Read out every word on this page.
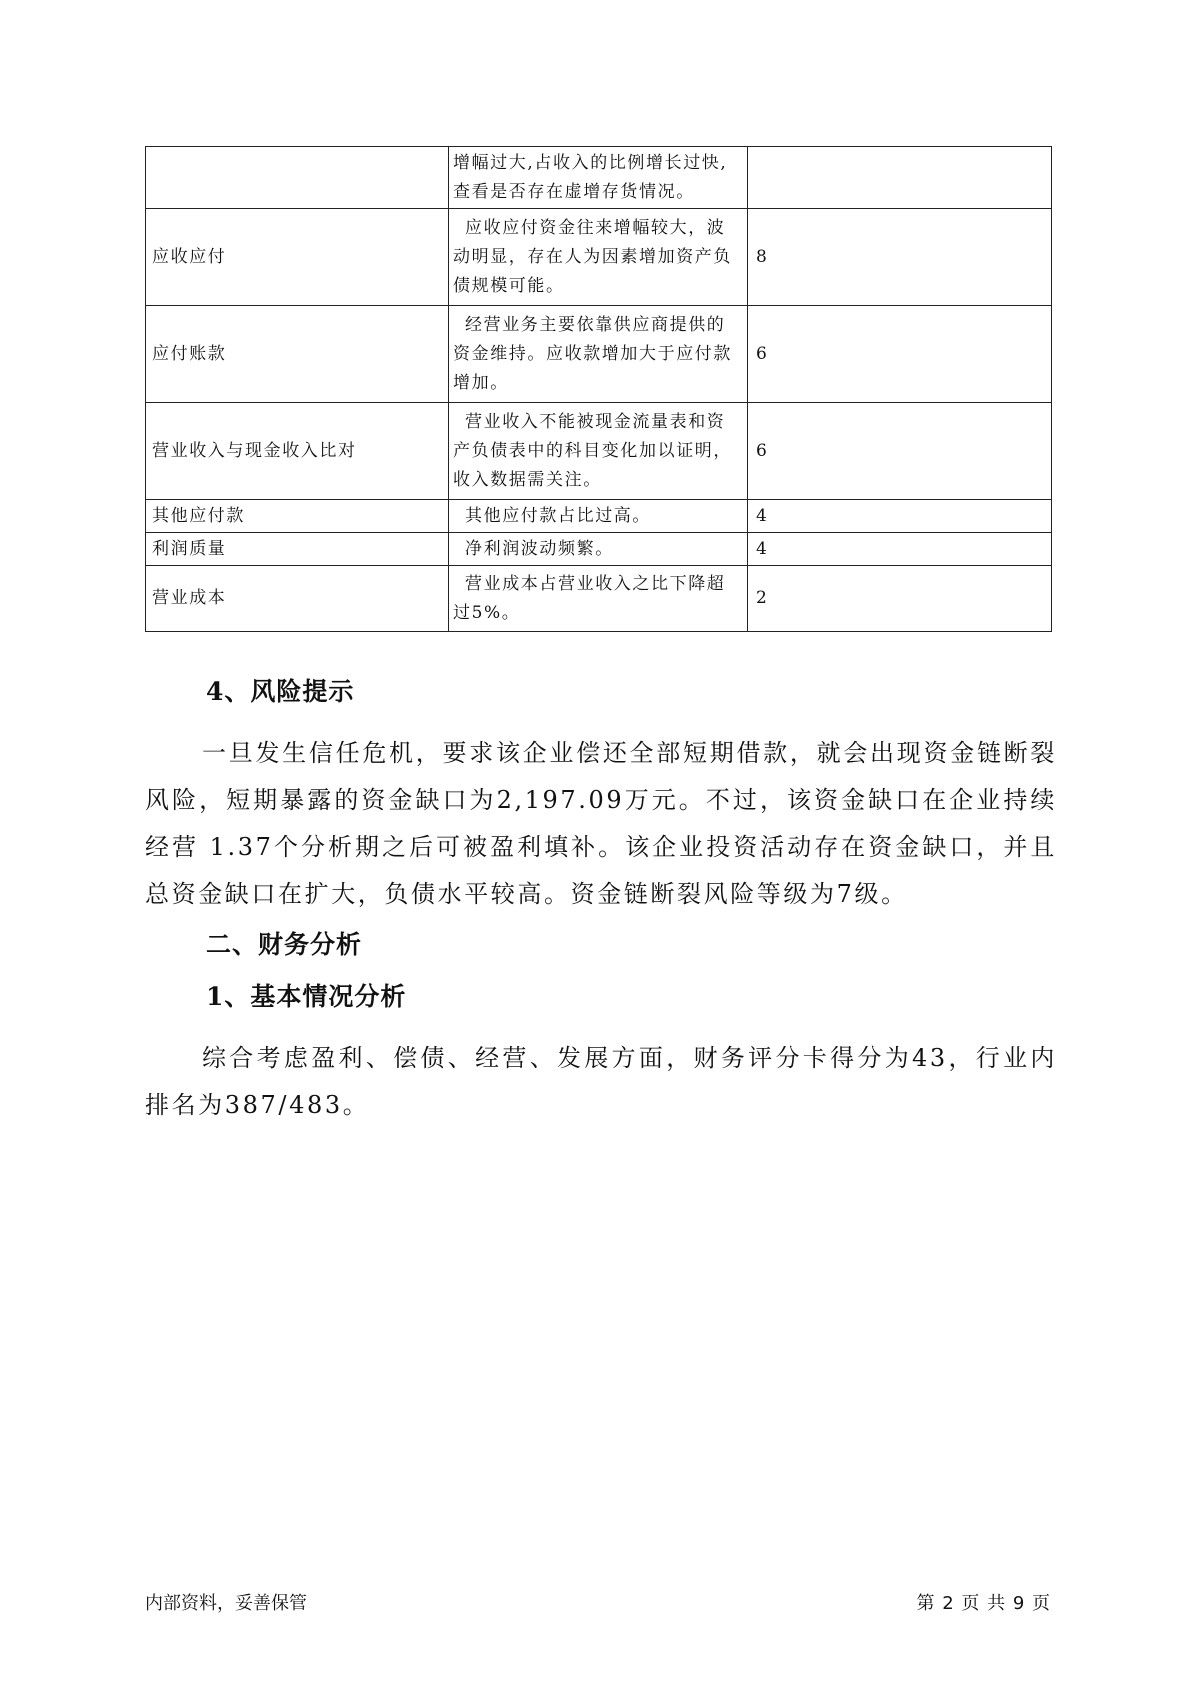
	增幅过大,占收入的比例增长过快,查看是否存在虚增存货情况。	

应收应付	应收应付资金往来增幅较大，波动明显，存在人为因素增加资产负债规模可能。	8
应付账款	经营业务主要依靠供应商提供的资金维持。应收款增加大于应付款增加。	6
营业收入与现金收入比对	营业收入不能被现金流量表和资产负债表中的科目变化加以证明，收入数据需关注。	6
其他应付款	其他应付款占比过高。	4
利润质量	净利润波动频繁。	4
营业成本	营业成本占营业收入之比下降超过5%。	2
4、风险提示
一旦发生信任危机，要求该企业偿还全部短期借款，就会出现资金链断裂风险，短期暴露的资金缺口为2,197.09万元。不过，该资金缺口在企业持续经营 1.37个分析期之后可被盈利填补。该企业投资活动存在资金缺口，并且总资金缺口在扩大，负债水平较高。资金链断裂风险等级为7级。
二、财务分析
1、基本情况分析
综合考虑盈利、偿债、经营、发展方面，财务评分卡得分为43，行业内排名为387/483。
内部资料，妥善保管	第 2 页 共 9 页
